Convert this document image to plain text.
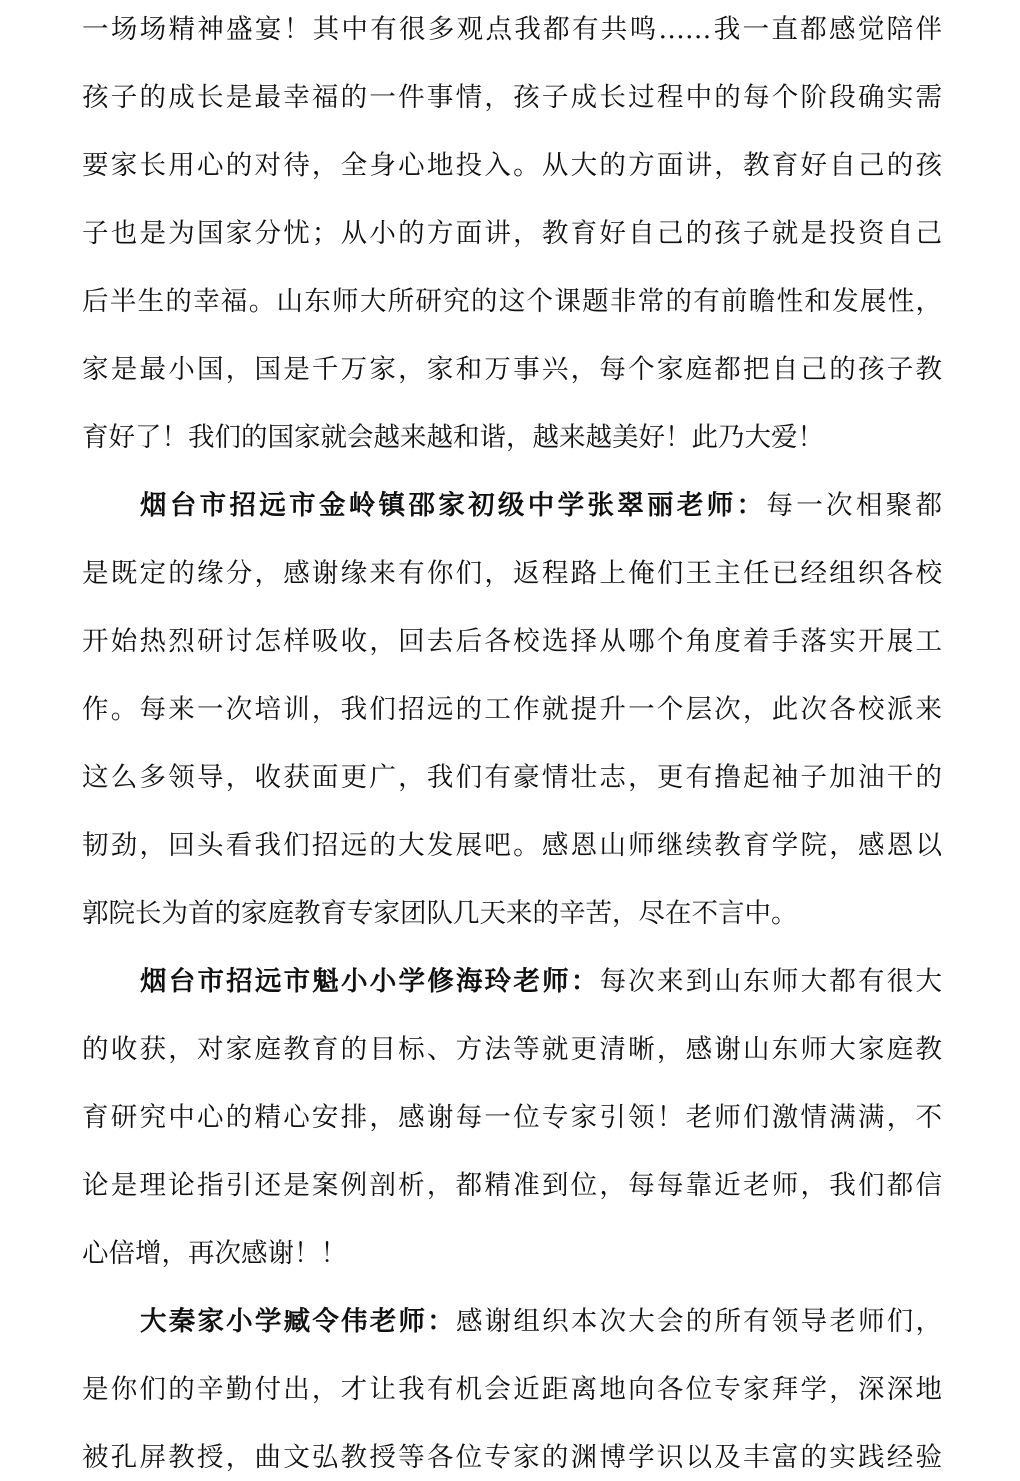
一场场精神盛宴！其中有很多观点我都有共鸣……我一直都感觉陪伴
孩子的成长是最幸福的一件事情，孩子成长过程中的每个阶段确实需
要家长用心的对待，全身心地投入。从大的方面讲，教育好自己的孩
子也是为国家分忧；从小的方面讲，教育好自己的孩子就是投资自己
后半生的幸福。山东师大所研究的这个课题非常的有前瞻性和发展性，
家是最小国，国是千万家，家和万事兴，每个家庭都把自己的孩子教
育好了！我们的国家就会越来越和谐，越来越美好！此乃大爱！
烟台市招远市金岭镇邵家初级中学张翠丽老师：每一次相聚都
是既定的缘分，感谢缘来有你们，返程路上俺们王主任已经组织各校
开始热烈研讨怎样吸收，回去后各校选择从哪个角度着手落实开展工
作。每来一次培训，我们招远的工作就提升一个层次，此次各校派来
这么多领导，收获面更广，我们有豪情壮志，更有撸起袖子加油干的
韧劲，回头看我们招远的大发展吧。感恩山师继续教育学院，感恩以
郭院长为首的家庭教育专家团队几天来的辛苦，尽在不言中。
烟台市招远市魁小小学修海玲老师：每次来到山东师大都有很大
的收获，对家庭教育的目标、方法等就更清晰，感谢山东师大家庭教
育研究中心的精心安排，感谢每一位专家引领！老师们激情满满，不
论是理论指引还是案例剖析，都精准到位，每每靠近老师，我们都信
心倍增，再次感谢！！
大秦家小学臧令伟老师：感谢组织本次大会的所有领导老师们，
是你们的辛勤付出，才让我有机会近距离地向各位专家拜学，深深地
被孔屏教授，曲文弘教授等各位专家的渊博学识以及丰富的实践经验
